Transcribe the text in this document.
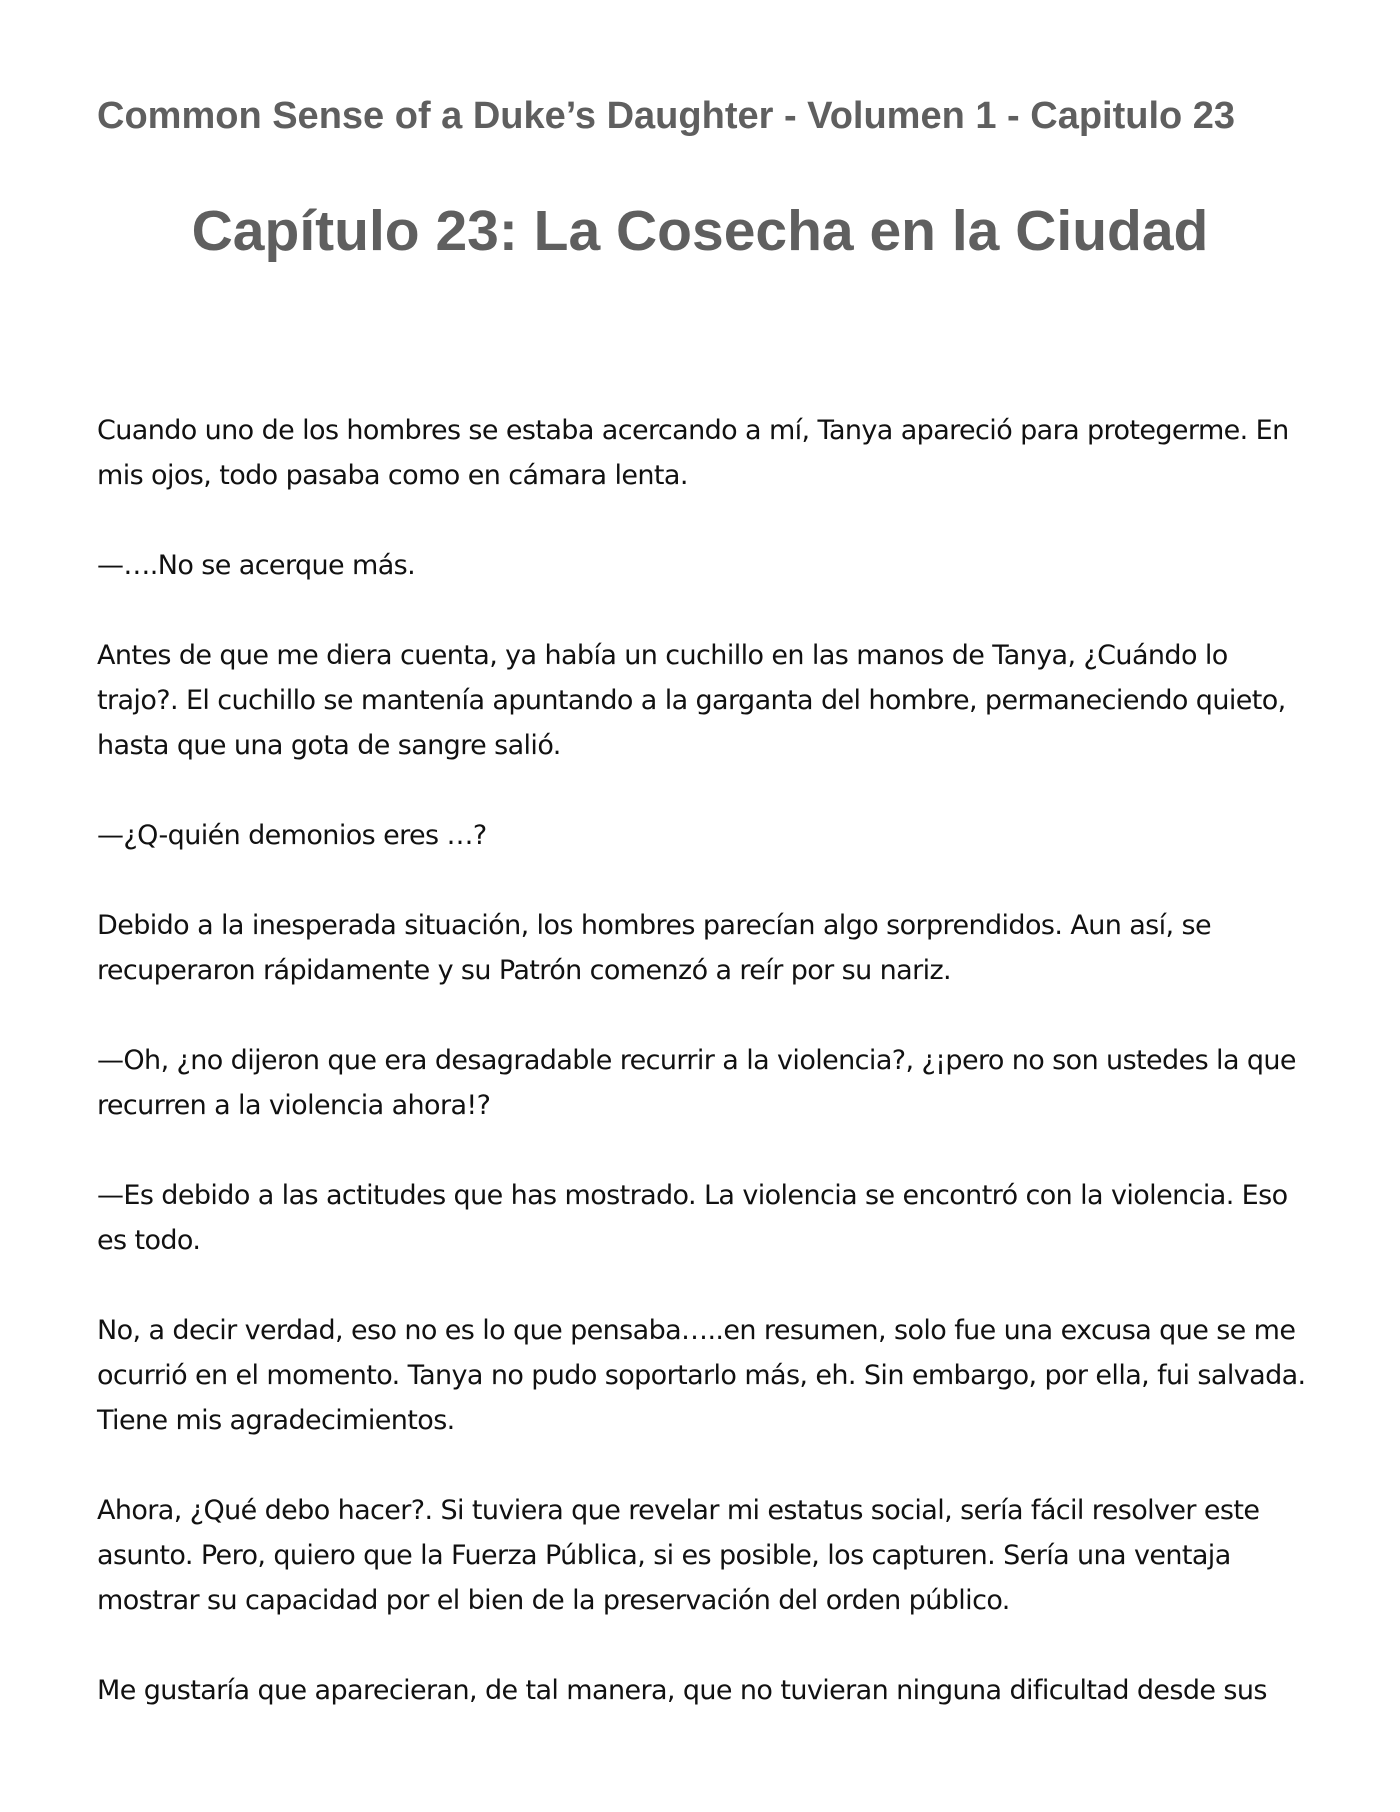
Common Sense of a Duke’s Daughter - Volumen 1 - Capitulo 23
Capítulo 23: La Cosecha en la Ciudad

Cuando uno de los hombres se estaba acercando a mí, Tanya apareció para protegerme. En mis ojos, todo pasaba como en cámara lenta.

—….No se acerque más.

Antes de que me diera cuenta, ya había un cuchillo en las manos de Tanya, ¿Cuándo lo trajo?. El cuchillo se mantenía apuntando a la garganta del hombre, permaneciendo quieto, hasta que una gota de sangre salió.

—¿Q-quién demonios eres …?

Debido a la inesperada situación, los hombres parecían algo sorprendidos. Aun así, se recuperaron rápidamente y su Patrón comenzó a reír por su nariz.

—Oh, ¿no dijeron que era desagradable recurrir a la violencia?, ¿¡pero no son ustedes la que recurren a la violencia ahora!?

—Es debido a las actitudes que has mostrado. La violencia se encontró con la violencia. Eso es todo.

No, a decir verdad, eso no es lo que pensaba…..en resumen, solo fue una excusa que se me ocurrió en el momento. Tanya no pudo soportarlo más, eh. Sin embargo, por ella, fui salvada. Tiene mis agradecimientos.

Ahora, ¿Qué debo hacer?. Si tuviera que revelar mi estatus social, sería fácil resolver este asunto. Pero, quiero que la Fuerza Pública, si es posible, los capturen. Sería una ventaja mostrar su capacidad por el bien de la preservación del orden público.

Me gustaría que aparecieran, de tal manera, que no tuvieran ninguna dificultad desde sus
